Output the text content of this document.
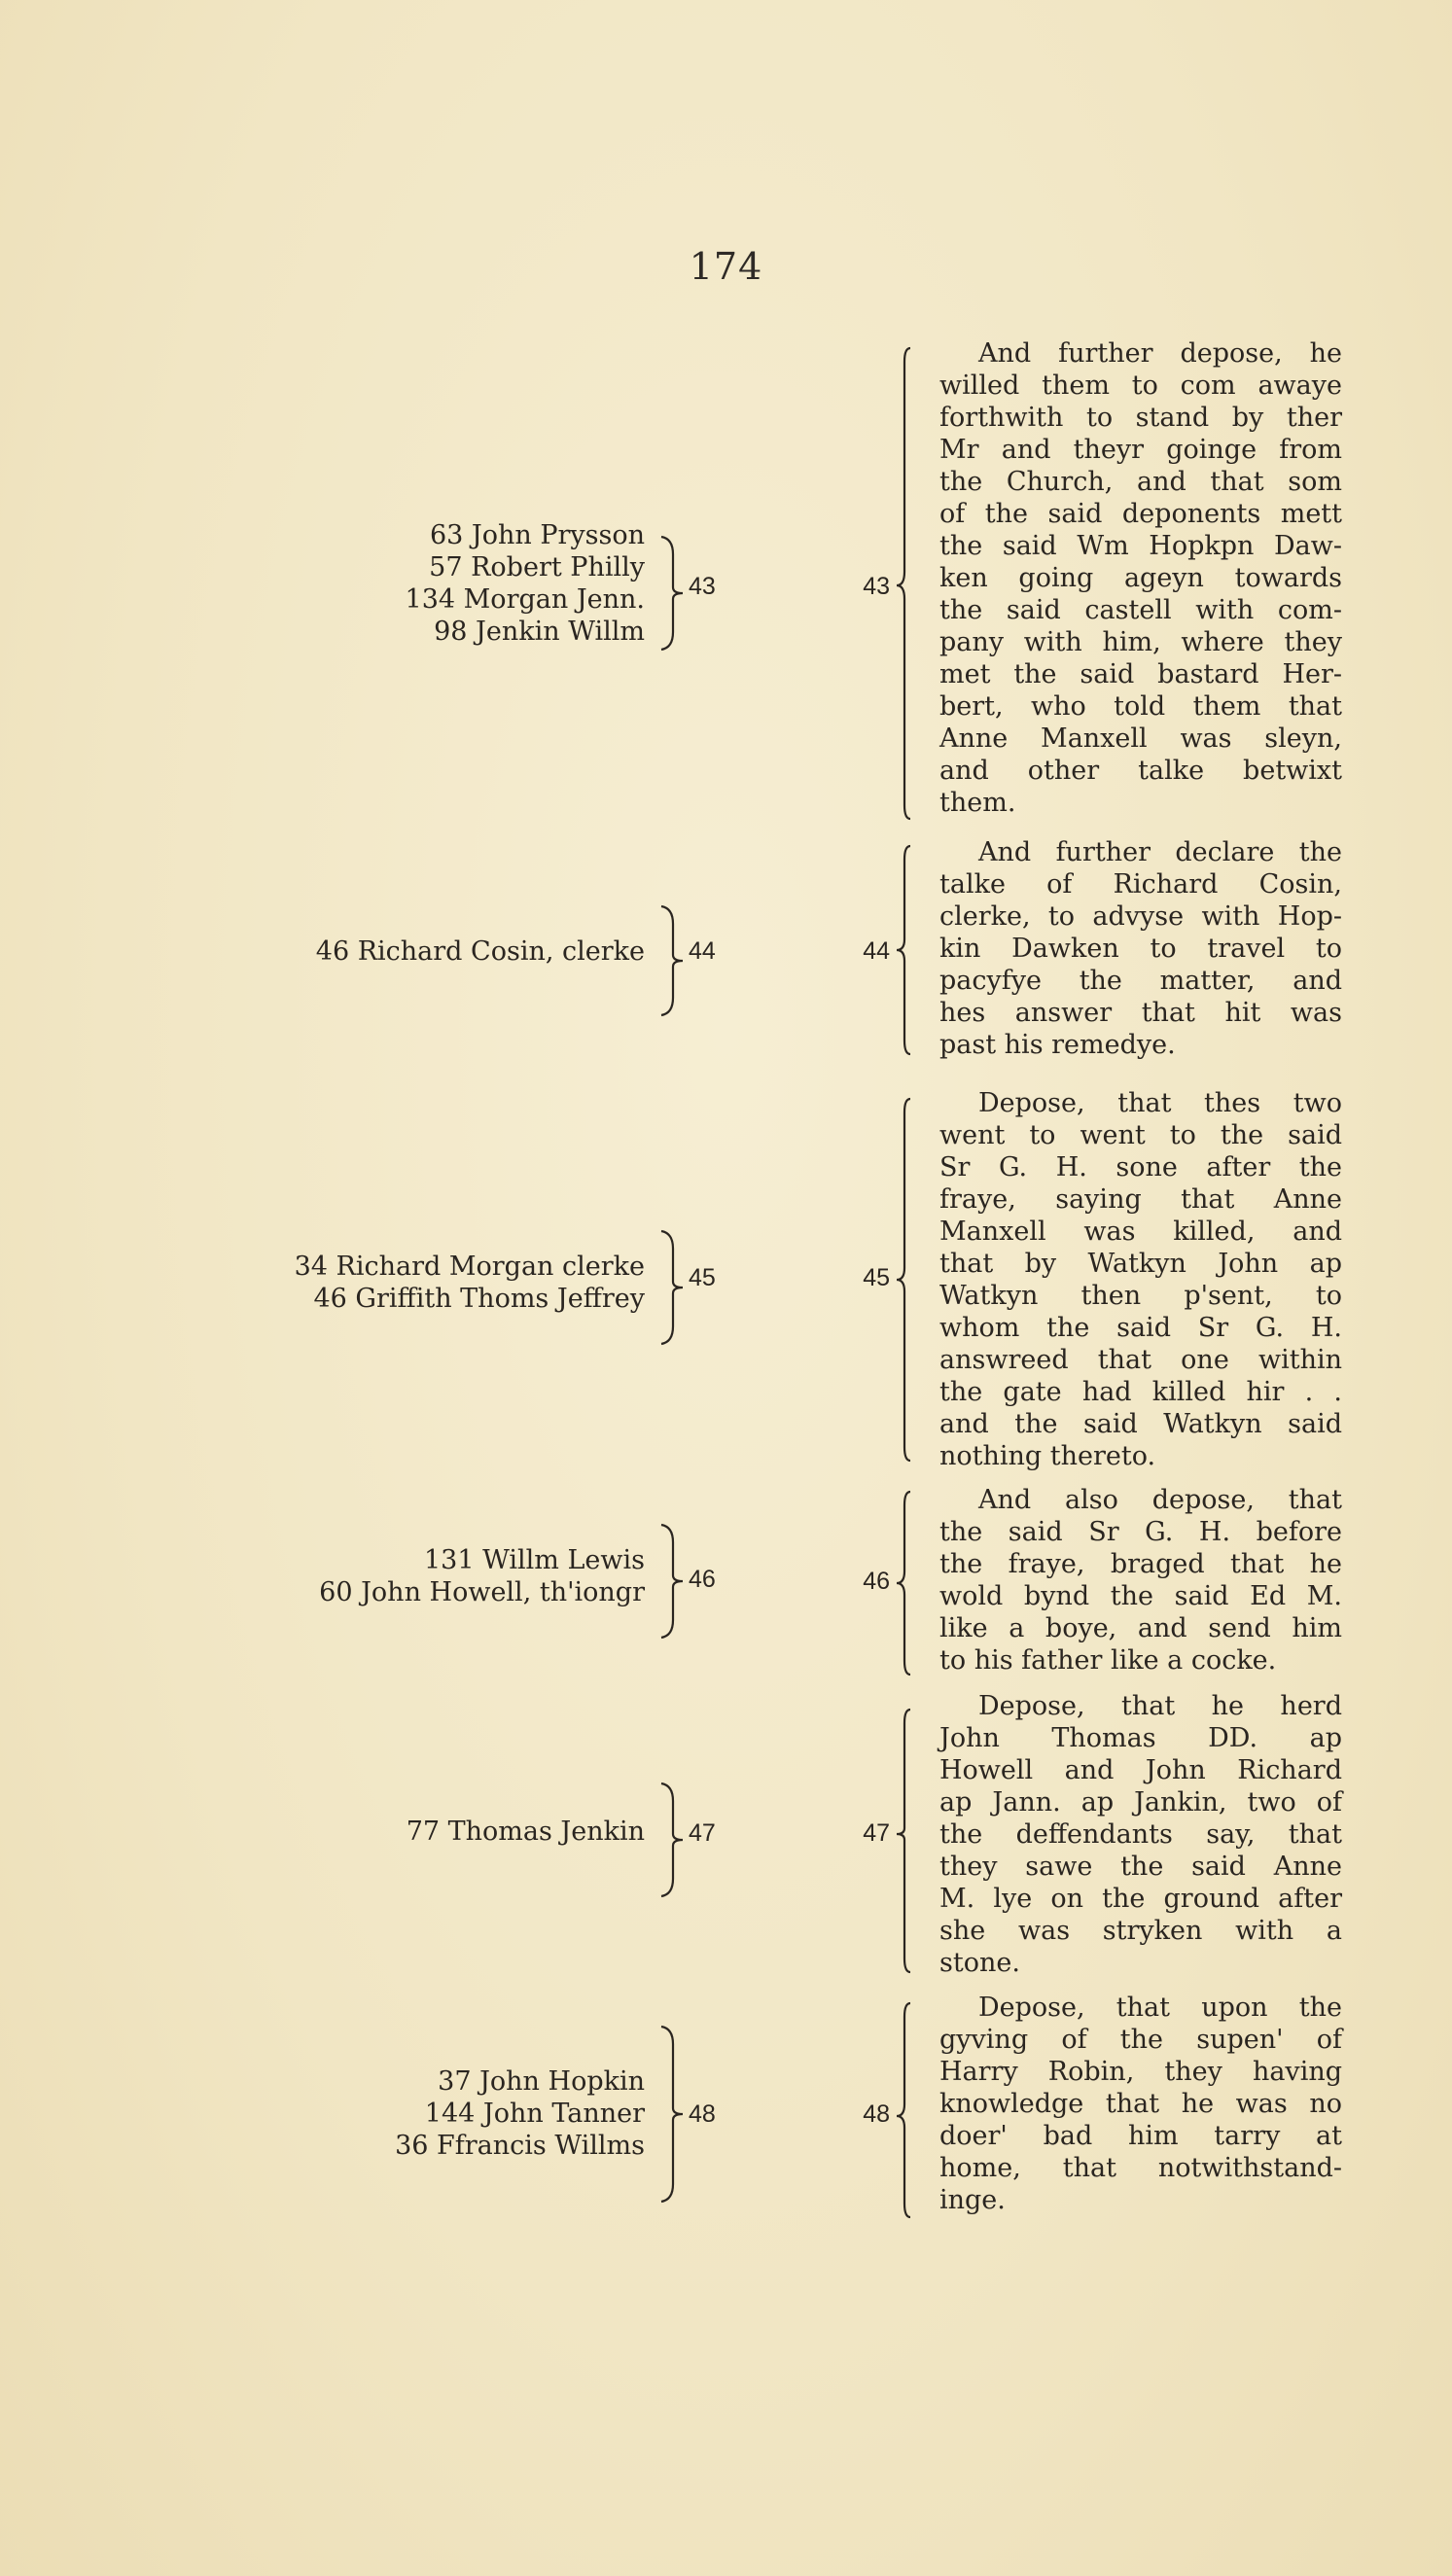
174
63 John Prysson
57 Robert Philly
134 Morgan Jenn.
98 Jenkin Willm
43	43
And further depose, he
willed them to com awaye
forthwith to stand by ther
Mr and theyr goinge from
the Church, and that som
of the said deponents mett
the said Wm Hopkpn Daw-
ken going ageyn towards
the said castell with com-
pany with him, where they
met the said bastard Her-
bert, who told them that
Anne Manxell was sleyn,
and other talke betwixt
them.
46 Richard Cosin, clerke 44	44
And further declare the
talke of Richard Cosin,
clerke, to advyse with Hop-
kin Dawken to travel to
pacyfye the matter, and
hes answer that hit was
past his remedye.
34 Richard Morgan clerke
46 Griffith Thoms Jeffrey
45	45
Depose, that thes two
went to went to the said
Sr G. H. sone after the
fraye, saying that Anne
Manxell was killed, and
that by Watkyn John ap
Watkyn then p'sent, to
whom the said Sr G. H.
answreed that one within
the gate had killed hir . .
and the said Watkyn said
nothing thereto.
131 Willm Lewis
60 John Howell, th'iongr 46	46
And also depose, that
the said Sr G. H. before
the fraye, braged that he
wold bynd the said Ed M.
like a boye, and send him
to his father like a cocke.
77 Thomas Jenkin 47	47
Depose, that he herd
John Thomas DD. ap
Howell and John Richard
ap Jann. ap Jankin, two of
the deffendants say, that
they sawe the said Anne
M. lye on the ground after
she was stryken with a
stone.
37 John Hopkin
144 John Tanner
36 Ffrancis Willms
48	48
Depose, that upon the
gyving of the supen' of
Harry Robin, they having
knowledge that he was no
doer' bad him tarry at
home, that notwithstand-
inge.
